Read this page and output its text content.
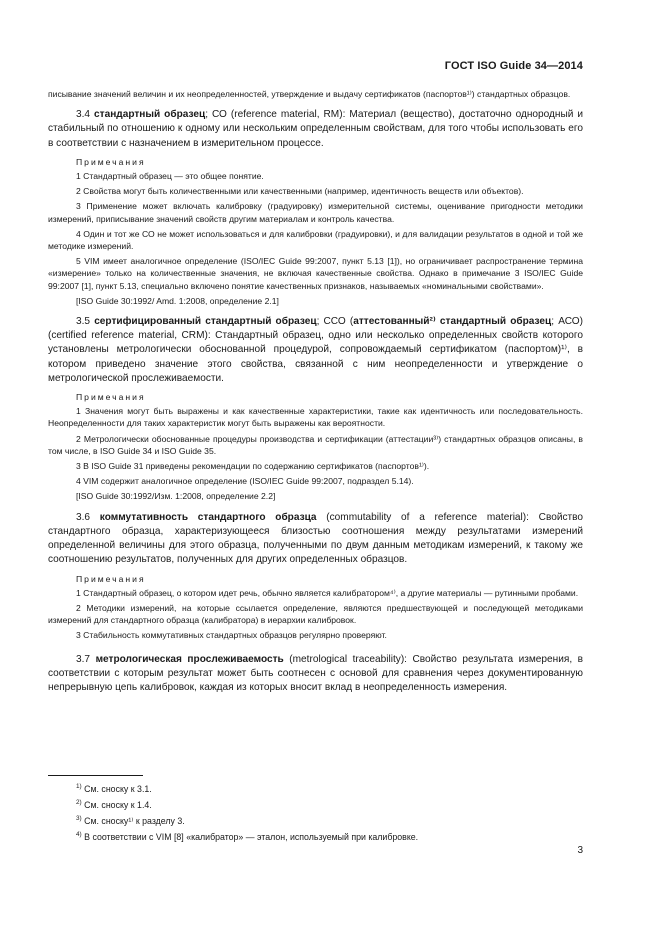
ГОСТ ISO Guide 34—2014

писывание значений величин и их неопределенностей, утверждение и выдачу сертификатов (паспортов¹⁾) стандартных образцов.

3.4 стандартный образец; СО (reference material, RM): Материал (вещество), достаточно однородный и стабильный по отношению к одному или нескольким определенным свойствам, для того чтобы использовать его в соответствии с назначением в измерительном процессе.

Примечания

1 Стандартный образец — это общее понятие.

2 Свойства могут быть количественными или качественными (например, идентичность веществ или объектов).

3 Применение может включать калибровку (градуировку) измерительной системы, оценивание пригодности методики измерений, приписывание значений свойств другим материалам и контроль качества.

4 Один и тот же СО не может использоваться и для калибровки (градуировки), и для валидации результатов в одной и той же методике измерений.

5 VIM имеет аналогичное определение (ISO/IEC Guide 99:2007, пункт 5.13 [1]), но ограничивает распространение термина «измерение» только на количественные значения, не включая качественные свойства. Однако в примечание 3 ISO/IEC Guide 99:2007 [1], пункт 5.13, специально включено понятие качественных признаков, называемых «номинальными свойствами».

[ISO Guide 30:1992/ Amd. 1:2008, определение 2.1]

3.5 сертифицированный стандартный образец; ССО (аттестованный²⁾ стандартный образец; АСО) (certified reference material, CRM): Стандартный образец, одно или несколько определенных свойств которого установлены метрологически обоснованной процедурой, сопровождаемый сертификатом (паспортом)¹⁾, в котором приведено значение этого свойства, связанной с ним неопределенности и утверждение о метрологической прослеживаемости.

Примечания

1 Значения могут быть выражены и как качественные характеристики, такие как идентичность или последовательность. Неопределенности для таких характеристик могут быть выражены как вероятности.

2 Метрологически обоснованные процедуры производства и сертификации (аттестации³⁾) стандартных образцов описаны, в том числе, в ISO Guide 34 и ISO Guide 35.

3 В ISO Guide 31 приведены рекомендации по содержанию сертификатов (паспортов¹⁾).

4 VIM содержит аналогичное определение (ISO/IEC Guide 99:2007, подраздел 5.14).

[ISO Guide 30:1992/Изм. 1:2008, определение 2.2]

3.6 коммутативность стандартного образца (commutability of a reference material): Свойство стандартного образца, характеризующееся близостью соотношения между результатами измерений определенной величины для этого образца, полученными по двум данным методикам измерений, к такому же соотношению результатов, полученных для других определенных образцов.

Примечания

1 Стандартный образец, о котором идет речь, обычно является калибратором⁴⁾, а другие материалы — рутинными пробами.

2 Методики измерений, на которые ссылается определение, являются предшествующей и последующей методиками измерений для стандартного образца (калибратора) в иерархии калибровок.

3 Стабильность коммутативных стандартных образцов регулярно проверяют.

3.7 метрологическая прослеживаемость (metrological traceability): Свойство результата измерения, в соответствии с которым результат может быть соотнесен с основой для сравнения через документированную непрерывную цепь калибровок, каждая из которых вносит вклад в неопределенность измерения.

$^{1)}$ См. сноску к 3.1.
$^{2)}$ См. сноску к 1.4.
$^{3)}$ См. сноску¹⁾ к разделу 3.
$^{4)}$ В соответствии с VIM [8] «калибратор» — эталон, используемый при калибровке.
3
